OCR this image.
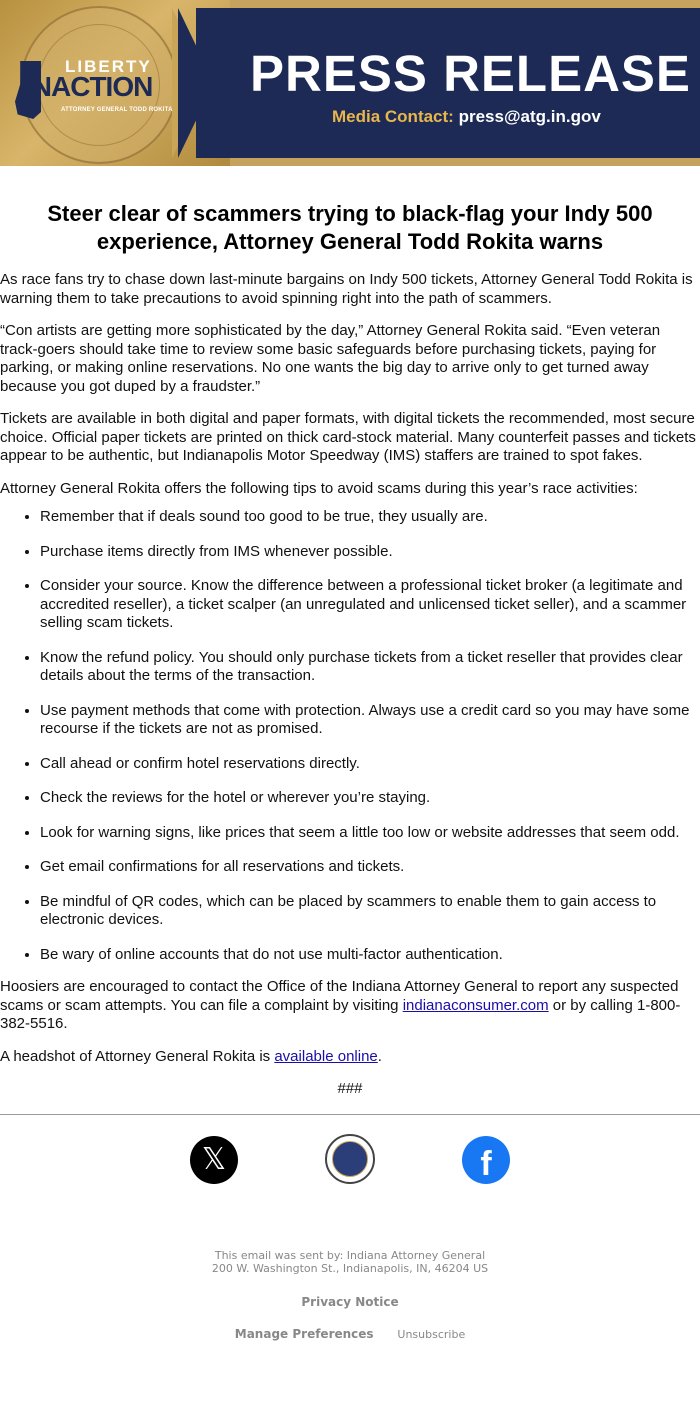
LIBERTY
INACTION
ATTORNEY GENERAL TODD ROKITA
PRESS RELEASE
Media Contact: press@atg.in.gov
Steer clear of scammers trying to black-flag your Indy 500 experience, Attorney General Todd Rokita warns

As race fans try to chase down last-minute bargains on Indy 500 tickets, Attorney General Todd Rokita is warning them to take precautions to avoid spinning right into the path of scammers.

“Con artists are getting more sophisticated by the day,” Attorney General Rokita said. “Even veteran track-goers should take time to review some basic safeguards before purchasing tickets, paying for parking, or making online reservations. No one wants the big day to arrive only to get turned away because you got duped by a fraudster.”

Tickets are available in both digital and paper formats, with digital tickets the recommended, most secure choice. Official paper tickets are printed on thick card-stock material. Many counterfeit passes and tickets appear to be authentic, but Indianapolis Motor Speedway (IMS) staffers are trained to spot fakes.

Attorney General Rokita offers the following tips to avoid scams during this year’s race activities:

• Remember that if deals sound too good to be true, they usually are.
• Purchase items directly from IMS whenever possible.
• Consider your source. Know the difference between a professional ticket broker (a legitimate and accredited reseller), a ticket scalper (an unregulated and unlicensed ticket seller), and a scammer selling scam tickets.
• Know the refund policy. You should only purchase tickets from a ticket reseller that provides clear details about the terms of the transaction.
• Use payment methods that come with protection. Always use a credit card so you may have some recourse if the tickets are not as promised.
• Call ahead or confirm hotel reservations directly.
• Check the reviews for the hotel or wherever you’re staying.
• Look for warning signs, like prices that seem a little too low or website addresses that seem odd.
• Get email confirmations for all reservations and tickets.
• Be mindful of QR codes, which can be placed by scammers to enable them to gain access to electronic devices.
• Be wary of online accounts that do not use multi-factor authentication.

Hoosiers are encouraged to contact the Office of the Indiana Attorney General to report any suspected scams or scam attempts. You can file a complaint by visiting indianaconsumer.com or by calling 1-800-382-5516.

A headshot of Attorney General Rokita is available online.

###
𝕏	f
This email was sent by: Indiana Attorney General
200 W. Washington St., Indianapolis, IN, 46204 US
Privacy Notice
Manage Preferences Unsubscribe
